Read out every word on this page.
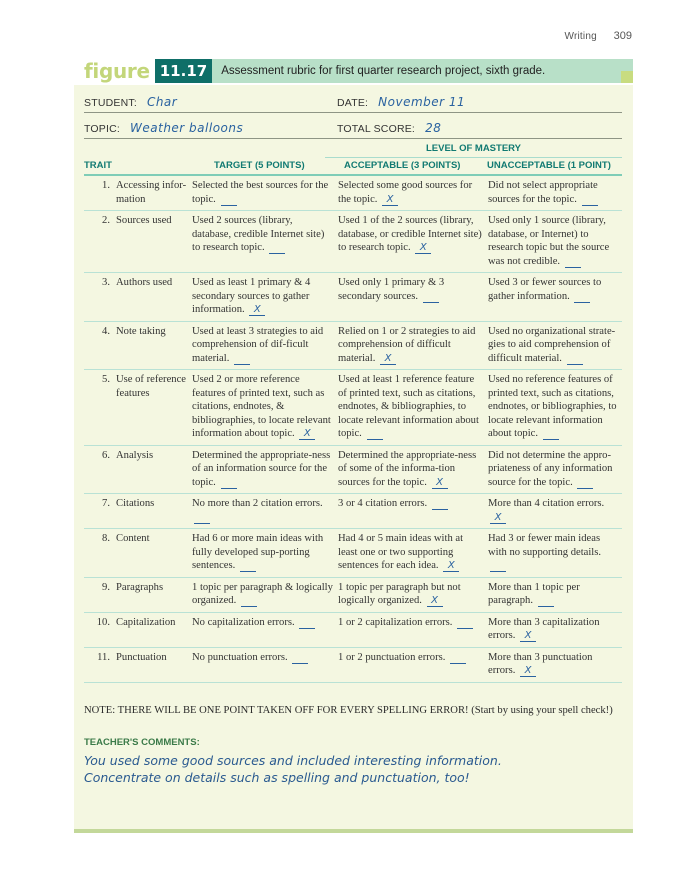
Writing 309
figure 11.17	Assessment rubric for first quarter research project, sixth grade.
STUDENT: Char	DATE: November 11
TOPIC: Weather balloons	TOTAL SCORE: 28
LEVEL OF MASTERY
TRAIT	TARGET (5 POINTS)	ACCEPTABLE (3 POINTS)	UNACCEPTABLE (1 POINT)
1. Accessing infor-mation	Selected the best sources for the topic.	Selected some good sources for the topic. X	Did not select appropriate sources for the topic.

2. Sources used	Used 2 sources (library, database, credible Internet site) to research topic.	Used 1 of the 2 sources (library, database, or credible Internet site) to research topic. X	Used only 1 source (library, database, or Internet) to research topic but the source was not credible.

3. Authors used	Used as least 1 primary & 4 secondary sources to gather information. X	Used only 1 primary & 3 secondary sources.	Used 3 or fewer sources to gather information.

4. Note taking	Used at least 3 strategies to aid comprehension of dif-ficult material.	Relied on 1 or 2 strategies to aid comprehension of difficult material. X	Used no organizational strate-gies to aid comprehension of difficult material.

5. Use of reference features	Used 2 or more reference features of printed text, such as citations, endnotes, & bibliographies, to locate relevant information about topic. X	Used at least 1 reference feature of printed text, such as citations, endnotes, & bibliographies, to locate relevant information about topic.	Used no reference features of printed text, such as citations, endnotes, or bibliographies, to locate relevant information about topic.

6. Analysis	Determined the appropriate-ness of an information source for the topic.	Determined the appropriate-ness of some of the informa-tion sources for the topic. X	Did not determine the appro-priateness of any information source for the topic.

7. Citations	No more than 2 citation errors.	3 or 4 citation errors.	More than 4 citation errors. X

8. Content	Had 6 or more main ideas with fully developed sup-porting sentences.	Had 4 or 5 main ideas with at least one or two supporting sentences for each idea. X	Had 3 or fewer main ideas with no supporting details.

9. Paragraphs	1 topic per paragraph & logically organized.	1 topic per paragraph but not logically organized. X	More than 1 topic per paragraph.

10. Capitalization	No capitalization errors.	1 or 2 capitalization errors.	More than 3 capitalization errors. X

11. Punctuation	No punctuation errors.	1 or 2 punctuation errors.	More than 3 punctuation errors. X
NOTE: THERE WILL BE ONE POINT TAKEN OFF FOR EVERY SPELLING ERROR! (Start by using your spell check!)
TEACHER'S COMMENTS:
You used some good sources and included interesting information.
Concentrate on details such as spelling and punctuation, too!
